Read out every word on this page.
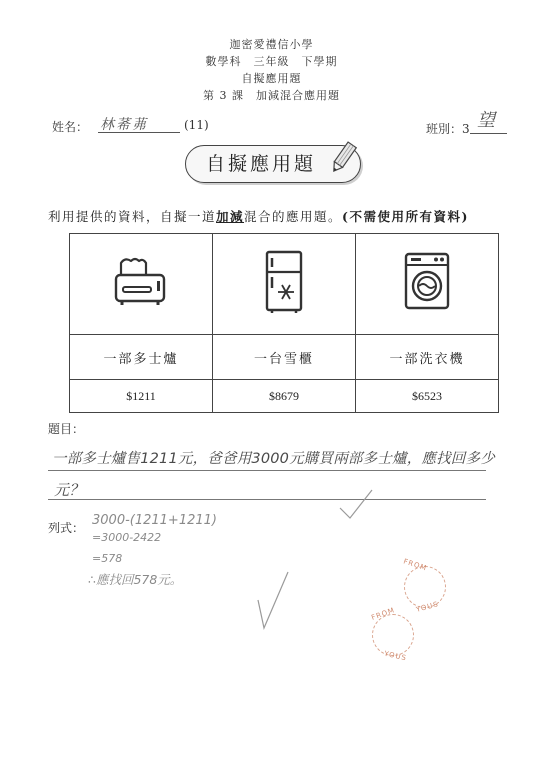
迦密愛禮信小學
數學科　三年級　下學期
自擬應用題
第 3 課　加減混合應用題
姓名： 林莃茀	(11)	班別：3 望
自擬應用題
利用提供的資料，自擬一道加減混合的應用題。(不需使用所有資料)

一部多士爐	一台雪櫃	一部洗衣機
$1211	$8679	$6523
題目：
一部多士爐售1211元，爸爸用3000元購買兩部多士爐，應找回多少
元？
列式： 3000-(1211+1211)
=3000-2422
=578
∴應找回578元。
FROM
YOUS
FROM
YOUS
